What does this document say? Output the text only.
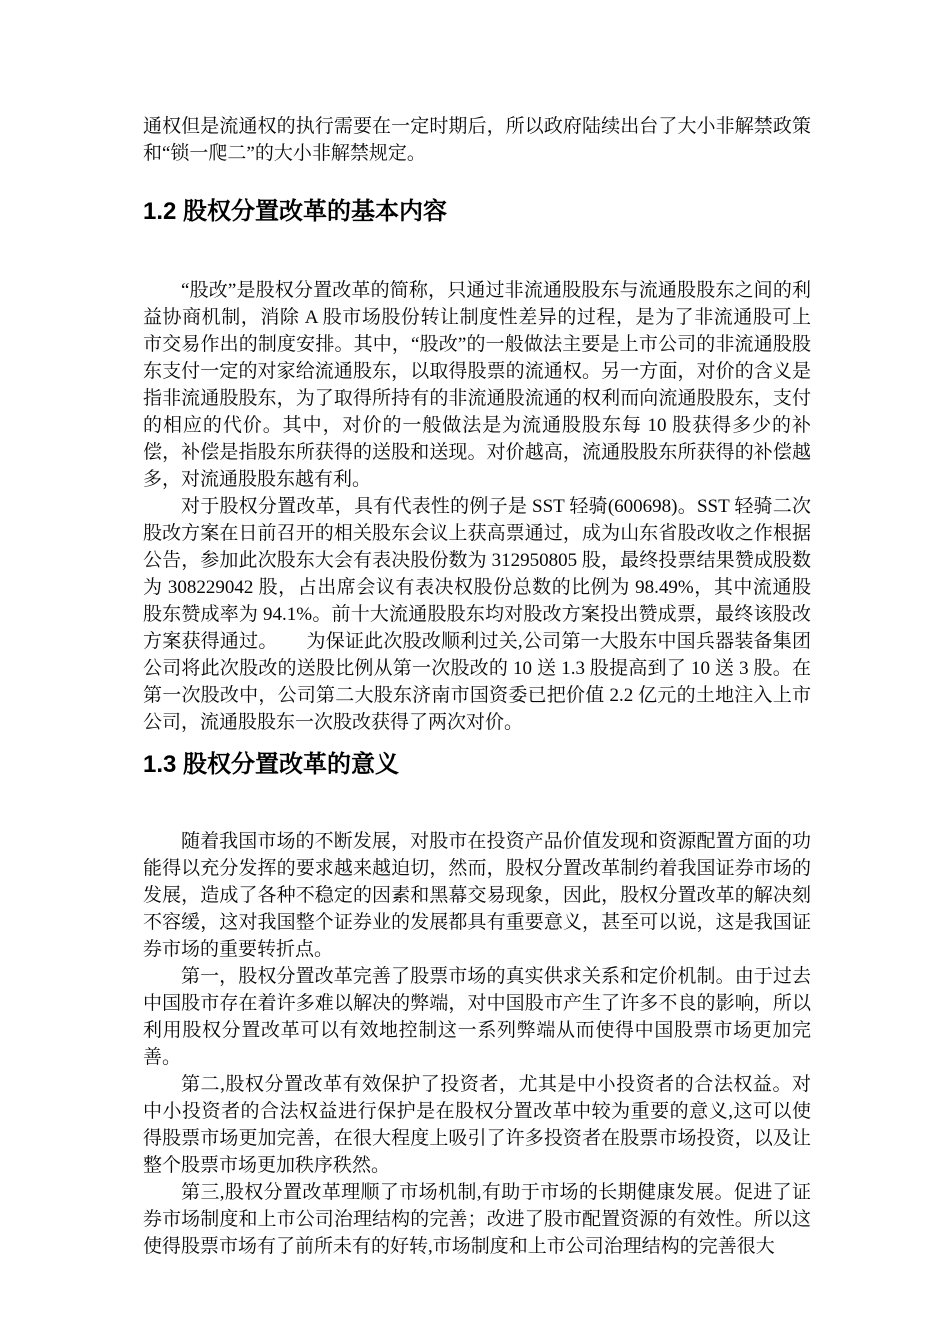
通权但是流通权的执行需要在一定时期后，所以政府陆续出台了大小非解禁政策和“锁一爬二”的大小非解禁规定。

1.2 股权分置改革的基本内容

“股改”是股权分置改革的简称，只通过非流通股股东与流通股股东之间的利益协商机制，消除 A 股市场股份转让制度性差异的过程，是为了非流通股可上市交易作出的制度安排。其中，“股改”的一般做法主要是上市公司的非流通股股东支付一定的对家给流通股东，以取得股票的流通权。另一方面，对价的含义是指非流通股股东，为了取得所持有的非流通股流通的权利而向流通股股东，支付的相应的代价。其中，对价的一般做法是为流通股股东每 10 股获得多少的补偿，补偿是指股东所获得的送股和送现。对价越高，流通股股东所获得的补偿越多，对流通股股东越有利。

对于股权分置改革，具有代表性的例子是 SST 轻骑(600698)。SST 轻骑二次股改方案在日前召开的相关股东会议上获高票通过，成为山东省股改收之作根据公告，参加此次股东大会有表决股份数为 312950805 股，最终投票结果赞成股数为 308229042 股，占出席会议有表决权股份总数的比例为 98.49%，其中流通股股东赞成率为 94.1%。前十大流通股股东均对股改方案投出赞成票，最终该股改方案获得通过。　　为保证此次股改顺利过关,公司第一大股东中国兵器装备集团公司将此次股改的送股比例从第一次股改的 10 送 1.3 股提高到了 10 送 3 股。在第一次股改中，公司第二大股东济南市国资委已把价值 2.2 亿元的土地注入上市公司，流通股股东一次股改获得了两次对价。

1.3 股权分置改革的意义

随着我国市场的不断发展，对股市在投资产品价值发现和资源配置方面的功能得以充分发挥的要求越来越迫切，然而，股权分置改革制约着我国证券市场的发展，造成了各种不稳定的因素和黑幕交易现象，因此，股权分置改革的解决刻不容缓，这对我国整个证券业的发展都具有重要意义，甚至可以说，这是我国证券市场的重要转折点。

第一，股权分置改革完善了股票市场的真实供求关系和定价机制。由于过去中国股市存在着许多难以解决的弊端，对中国股市产生了许多不良的影响，所以利用股权分置改革可以有效地控制这一系列弊端从而使得中国股票市场更加完善。

第二,股权分置改革有效保护了投资者，尤其是中小投资者的合法权益。对中小投资者的合法权益进行保护是在股权分置改革中较为重要的意义,这可以使得股票市场更加完善，在很大程度上吸引了许多投资者在股票市场投资，以及让整个股票市场更加秩序秩然。

第三,股权分置改革理顺了市场机制,有助于市场的长期健康发展。促进了证券市场制度和上市公司治理结构的完善；改进了股市配置资源的有效性。所以这使得股票市场有了前所未有的好转,市场制度和上市公司治理结构的完善很大
